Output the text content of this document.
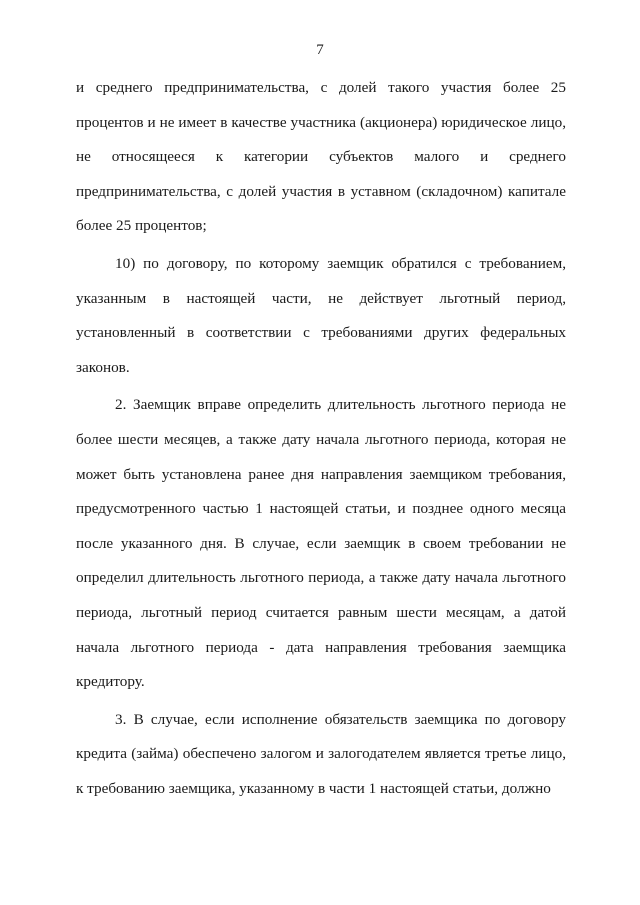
7

и среднего предпринимательства, с долей такого участия более 25 процентов и не имеет в качестве участника (акционера) юридическое лицо, не относящееся к категории субъектов малого и среднего предпринимательства, с долей участия в уставном (складочном) капитале более 25 процентов;

10) по договору, по которому заемщик обратился с требованием, указанным в настоящей части, не действует льготный период, установленный в соответствии с требованиями других федеральных законов.

2. Заемщик вправе определить длительность льготного периода не более шести месяцев, а также дату начала льготного периода, которая не может быть установлена ранее дня направления заемщиком требования, предусмотренного частью 1 настоящей статьи, и позднее одного месяца после указанного дня. В случае, если заемщик в своем требовании не определил длительность льготного периода, а также дату начала льготного периода, льготный период считается равным шести месяцам, а датой начала льготного периода - дата направления требования заемщика кредитору.

3. В случае, если исполнение обязательств заемщика по договору кредита (займа) обеспечено залогом и залогодателем является третье лицо, к требованию заемщика, указанному в части 1 настоящей статьи, должно
